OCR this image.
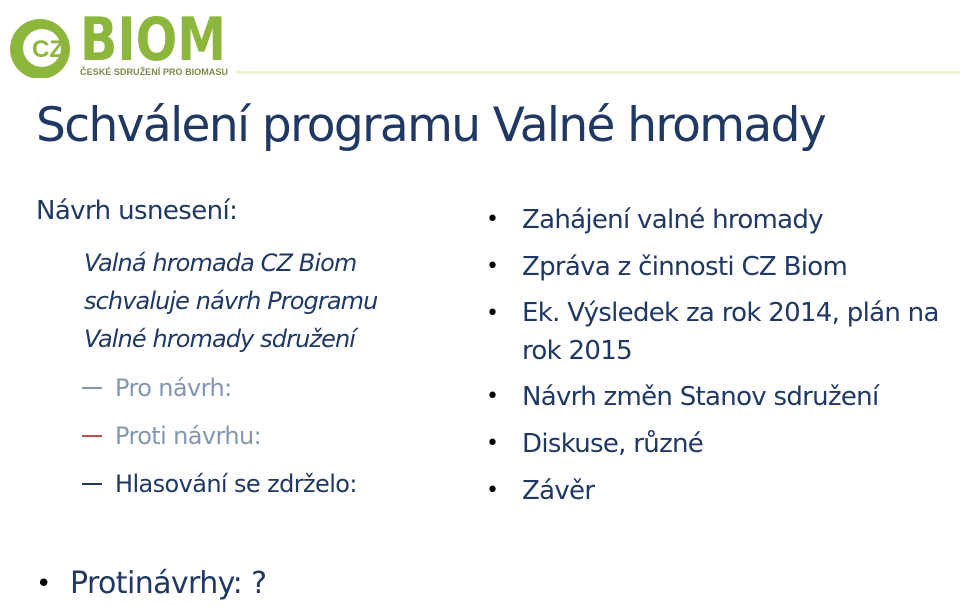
CZ BIOM
ČESKÉ SDRUŽENÍ PRO BIOMASU
Schválení programu Valné hromady

Návrh usnesení:

Valná hromada CZ Biom
schvaluje návrh Programu
Valné hromady sdružení
Pro návrh:
Proti návrhu:
Hlasování se zdrželo:
• Zahájení valné hromady
• Zpráva z činnosti CZ Biom
• Ek. Výsledek za rok 2014, plán na rok 2015
• Návrh změn Stanov sdružení
• Diskuse, různé
• Závěr
• Protinávrhy: ?
